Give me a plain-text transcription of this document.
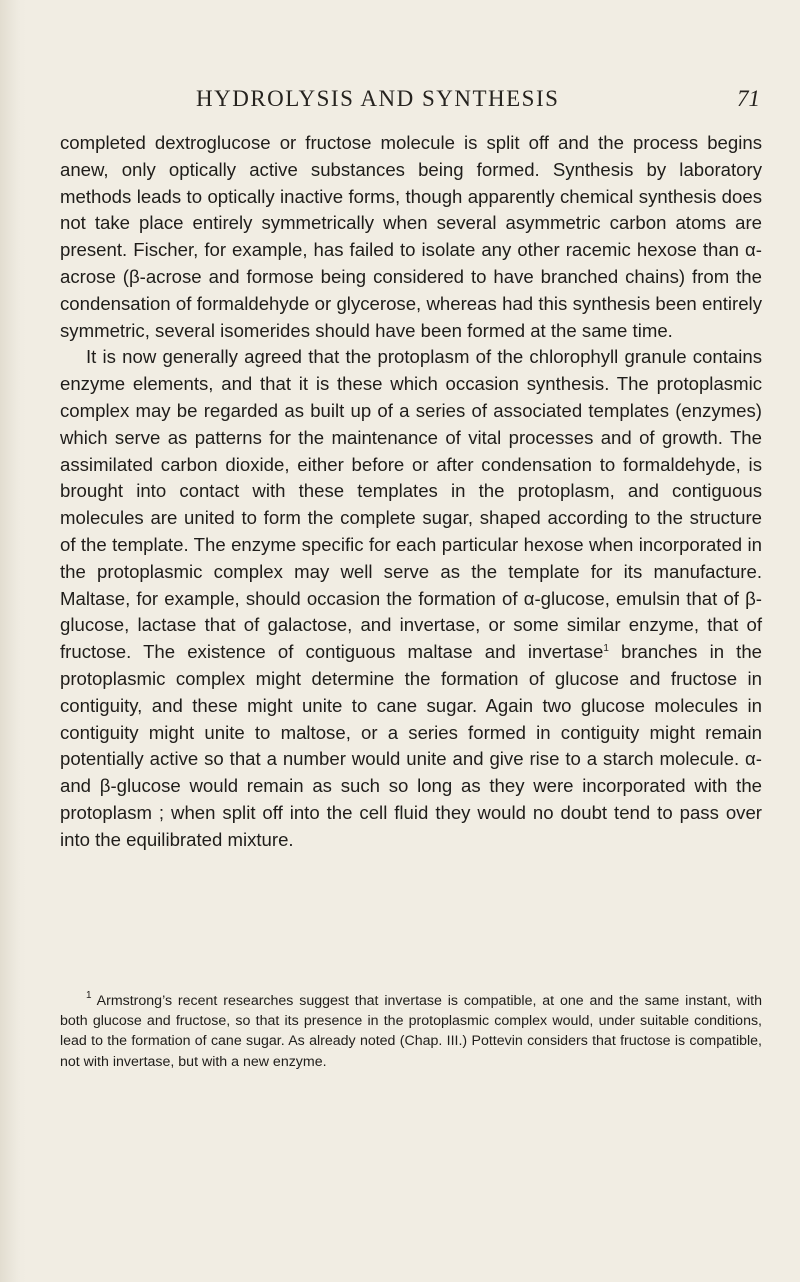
HYDROLYSIS AND SYNTHESIS	71

completed dextroglucose or fructose molecule is split off and the process begins anew, only optically active substances being formed. Synthesis by laboratory methods leads to optically inactive forms, though apparently chemical synthesis does not take place entirely symmetrically when several asymmetric carbon atoms are present. Fischer, for example, has failed to isolate any other racemic hexose than α-acrose (β-acrose and formose being considered to have branched chains) from the condensation of formaldehyde or glycerose, whereas had this synthesis been entirely symmetric, several isomerides should have been formed at the same time.

It is now generally agreed that the protoplasm of the chlorophyll granule contains enzyme elements, and that it is these which occasion synthesis. The protoplasmic complex may be regarded as built up of a series of associated templates (enzymes) which serve as patterns for the maintenance of vital processes and of growth. The assimilated carbon dioxide, either before or after condensation to formaldehyde, is brought into contact with these templates in the protoplasm, and contiguous molecules are united to form the complete sugar, shaped according to the structure of the template. The enzyme specific for each particular hexose when incorporated in the protoplasmic complex may well serve as the template for its manufacture. Maltase, for example, should occasion the formation of α-glucose, emulsin that of β-glucose, lactase that of galactose, and invertase, or some similar enzyme, that of fructose. The existence of contiguous maltase and invertase$^1$ branches in the protoplasmic complex might determine the formation of glucose and fructose in contiguity, and these might unite to cane sugar. Again two glucose molecules in contiguity might unite to maltose, or a series formed in contiguity might remain potentially active so that a number would unite and give rise to a starch molecule. α- and β-glucose would remain as such so long as they were incorporated with the protoplasm ; when split off into the cell fluid they would no doubt tend to pass over into the equilibrated mixture.

$^1$ Armstrong’s recent researches suggest that invertase is compatible, at one and the same instant, with both glucose and fructose, so that its presence in the protoplasmic complex would, under suitable conditions, lead to the formation of cane sugar. As already noted (Chap. III.) Pottevin considers that fructose is compatible, not with invertase, but with a new enzyme.
